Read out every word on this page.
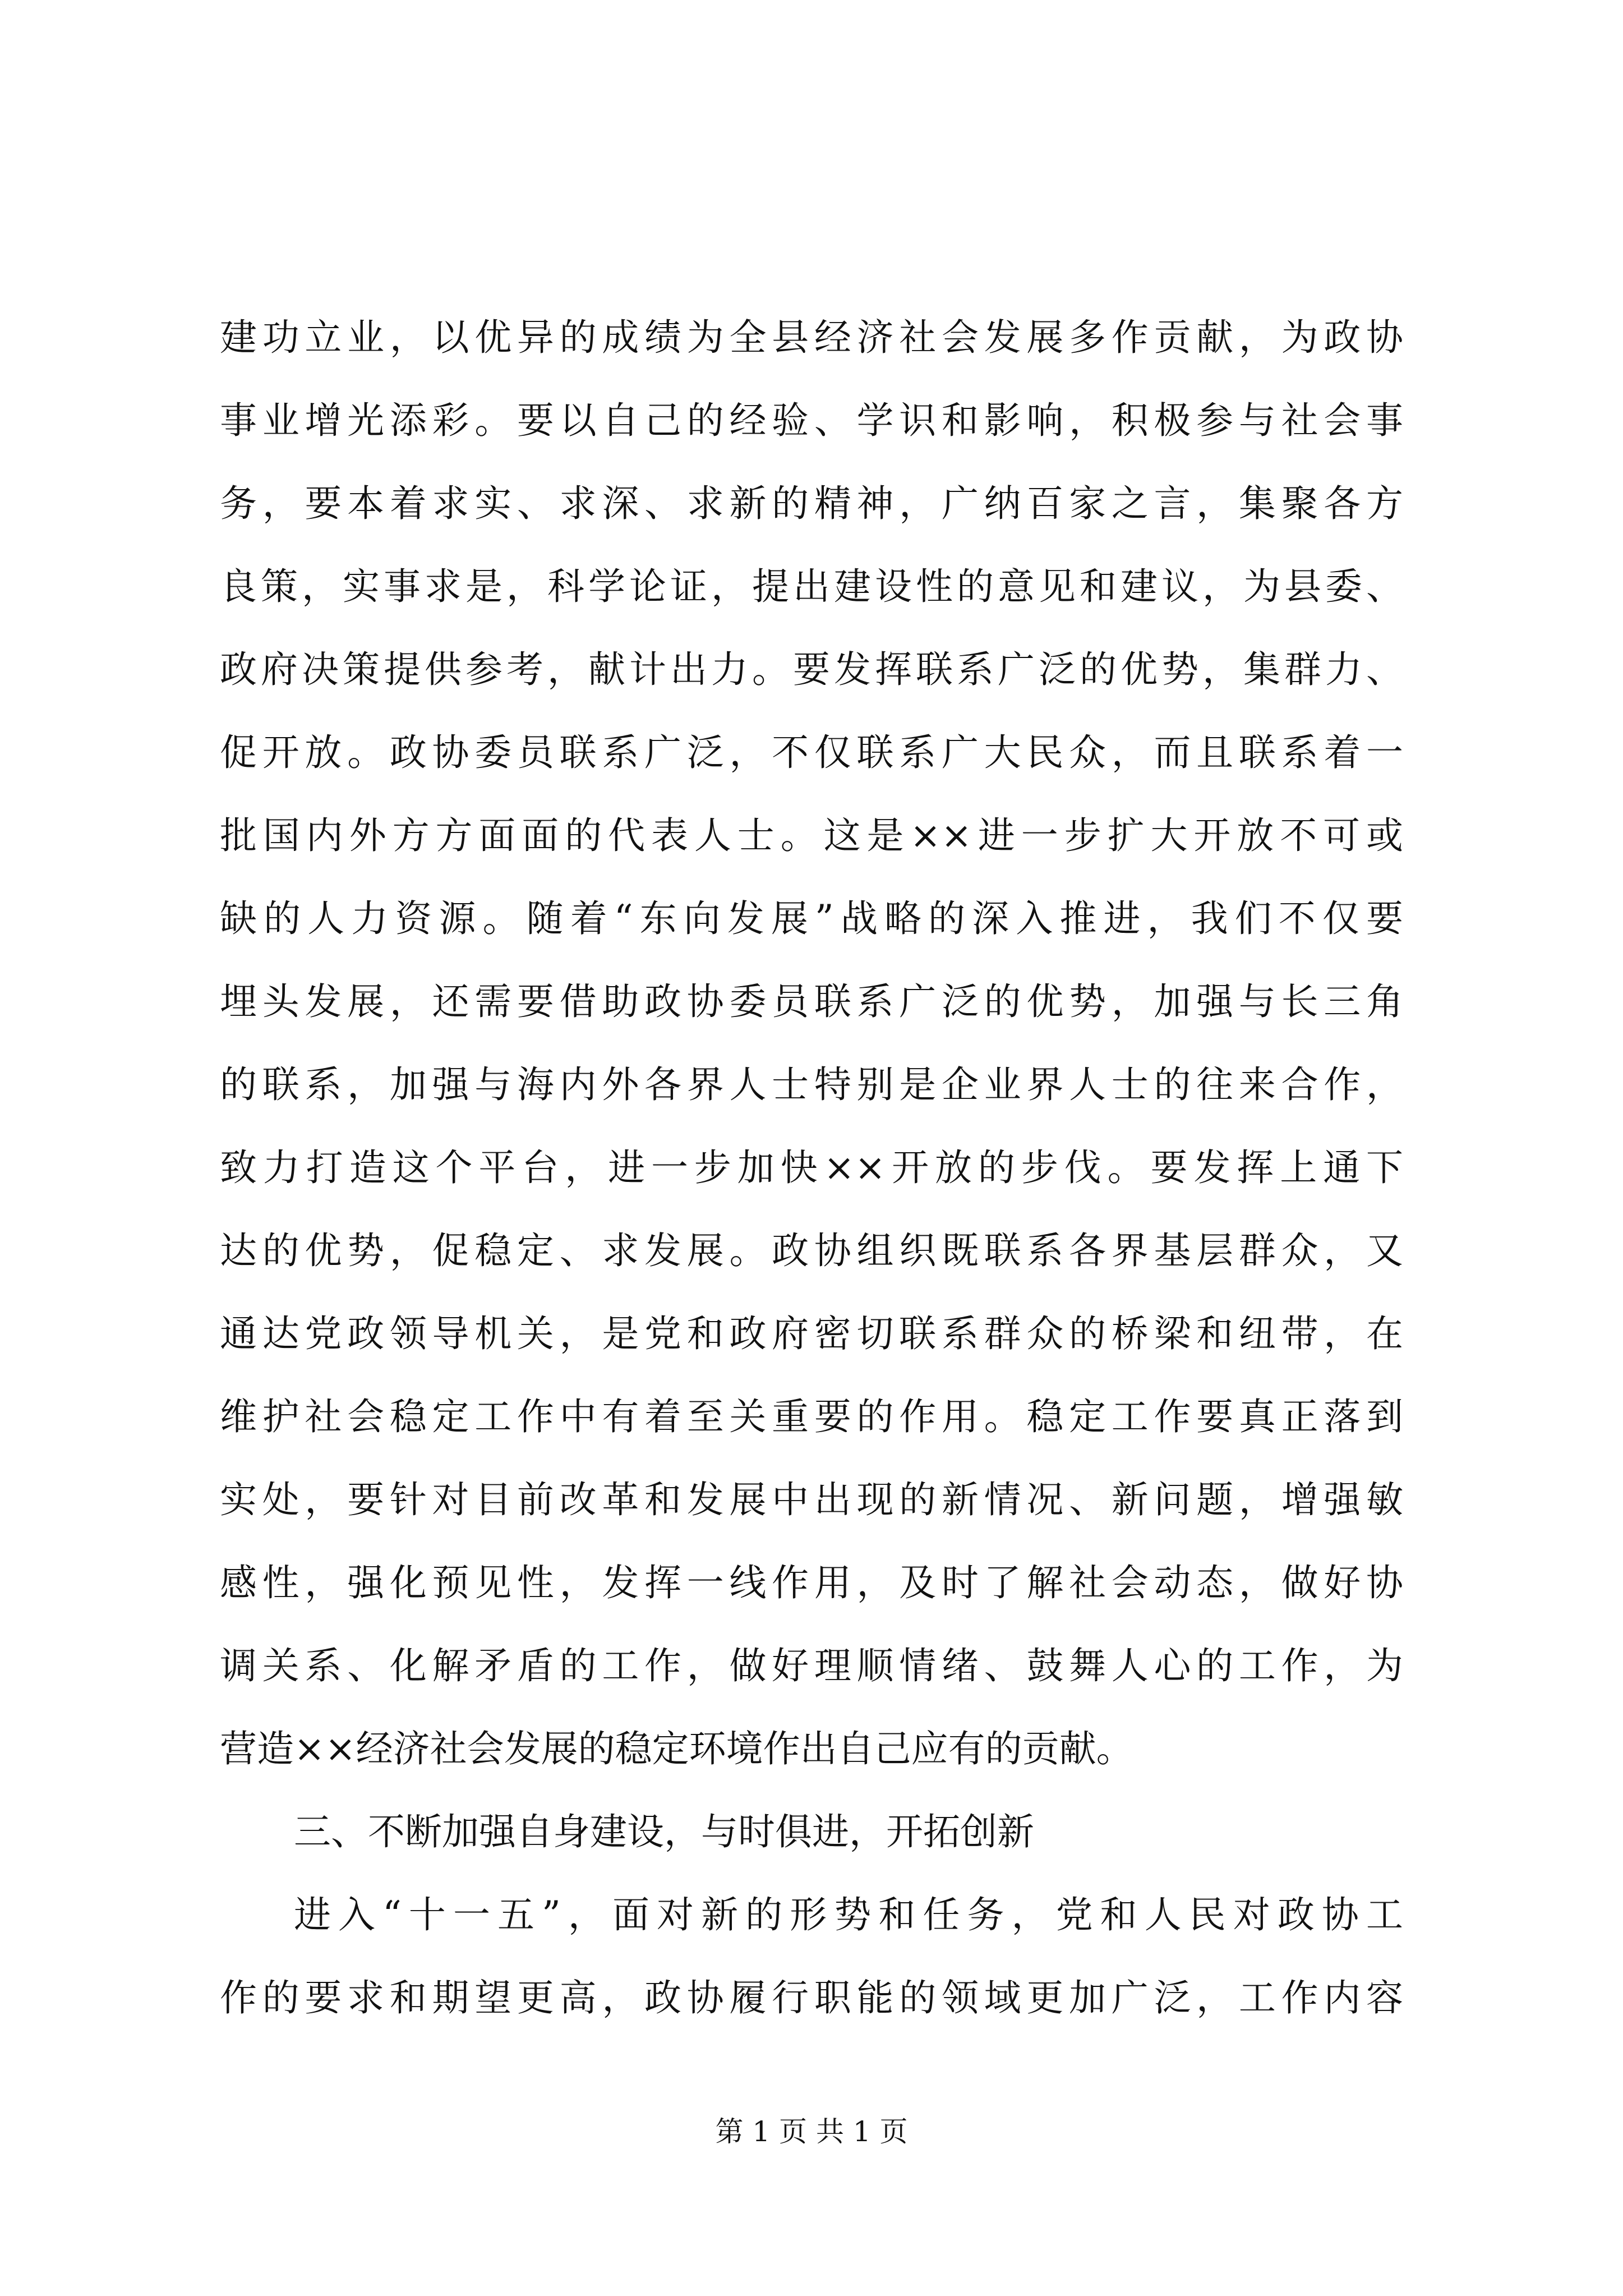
建功立业，以优异的成绩为全县经济社会发展多作贡献，为政协
事业增光添彩。要以自己的经验、学识和影响，积极参与社会事
务，要本着求实、求深、求新的精神，广纳百家之言，集聚各方
良策，实事求是，科学论证，提出建设性的意见和建议，为县委、
政府决策提供参考，献计出力。要发挥联系广泛的优势，集群力、
促开放。政协委员联系广泛，不仅联系广大民众，而且联系着一
批国内外方方面面的代表人士。这是××进一步扩大开放不可或
缺的人力资源。随着“东向发展”战略的深入推进，我们不仅要
埋头发展，还需要借助政协委员联系广泛的优势，加强与长三角
的联系，加强与海内外各界人士特别是企业界人士的往来合作，
致力打造这个平台，进一步加快××开放的步伐。要发挥上通下
达的优势，促稳定、求发展。政协组织既联系各界基层群众，又
通达党政领导机关，是党和政府密切联系群众的桥梁和纽带，在
维护社会稳定工作中有着至关重要的作用。稳定工作要真正落到
实处，要针对目前改革和发展中出现的新情况、新问题，增强敏
感性，强化预见性，发挥一线作用，及时了解社会动态，做好协
调关系、化解矛盾的工作，做好理顺情绪、鼓舞人心的工作，为
营造××经济社会发展的稳定环境作出自己应有的贡献。
三、不断加强自身建设，与时俱进，开拓创新
进入“十一五”，面对新的形势和任务，党和人民对政协工
作的要求和期望更高，政协履行职能的领域更加广泛，工作内容
第 1 页 共 1 页
